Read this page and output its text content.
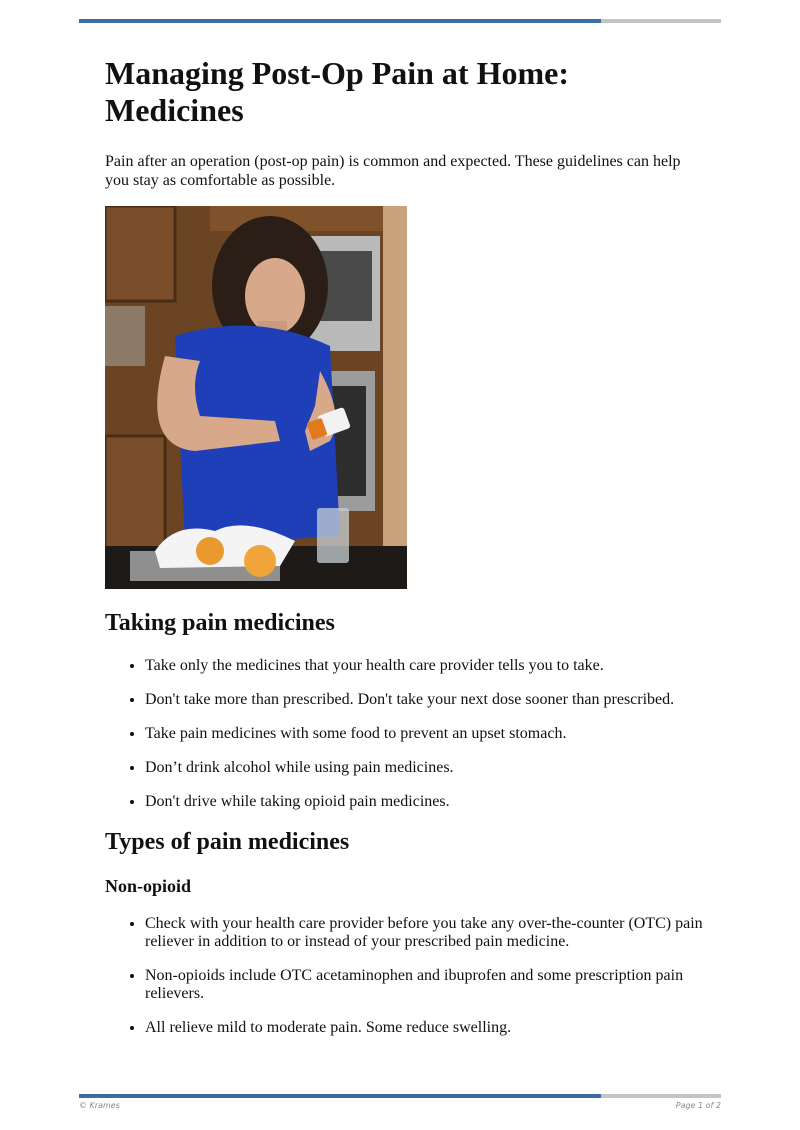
Managing Post-Op Pain at Home: Medicines

Pain after an operation (post-op pain) is common and expected. These guidelines can help you stay as comfortable as possible.

Taking pain medicines
• Take only the medicines that your health care provider tells you to take.
• Don't take more than prescribed. Don't take your next dose sooner than prescribed.
• Take pain medicines with some food to prevent an upset stomach.
• Don’t drink alcohol while using pain medicines.
• Don't drive while taking opioid pain medicines.
Types of pain medicines
Non-opioid
• Check with your health care provider before you take any over-the-counter (OTC) pain reliever in addition to or instead of your prescribed pain medicine.
• Non-opioids include OTC acetaminophen and ibuprofen and some prescription pain relievers.
• All relieve mild to moderate pain. Some reduce swelling.
© Krames	Page 1 of 2
